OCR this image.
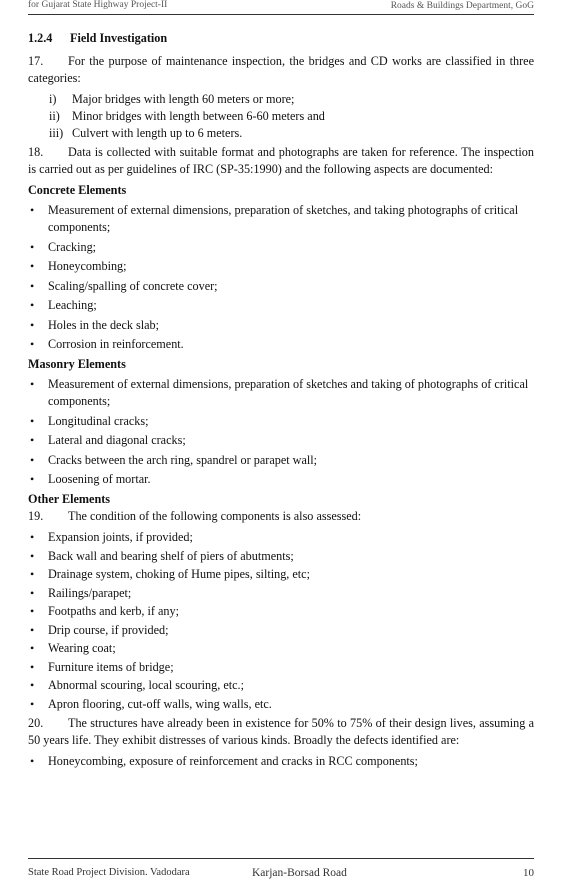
for Gujarat State Highway Project-II	Roads & Buildings Department, GoG
1.2.4 Field Investigation

17. For the purpose of maintenance inspection, the bridges and CD works are classified in three categories:

i) Major bridges with length 60 meters or more;
ii) Minor bridges with length between 6-60 meters and
iii) Culvert with length up to 6 meters.

18. Data is collected with suitable format and photographs are taken for reference. The inspection is carried out as per guidelines of IRC (SP-35:1990) and the following aspects are documented:

Concrete Elements
• Measurement of external dimensions, preparation of sketches, and taking photographs of critical components;
• Cracking;
• Honeycombing;
• Scaling/spalling of concrete cover;
• Leaching;
• Holes in the deck slab;
• Corrosion in reinforcement.
Masonry Elements
• Measurement of external dimensions, preparation of sketches and taking of photographs of critical components;
• Longitudinal cracks;
• Lateral and diagonal cracks;
• Cracks between the arch ring, spandrel or parapet wall;
• Loosening of mortar.
Other Elements

19. The condition of the following components is also assessed:

• Expansion joints, if provided;
• Back wall and bearing shelf of piers of abutments;
• Drainage system, choking of Hume pipes, silting, etc;
• Railings/parapet;
• Footpaths and kerb, if any;
• Drip course, if provided;
• Wearing coat;
• Furniture items of bridge;
• Abnormal scouring, local scouring, etc.;
• Apron flooring, cut-off walls, wing walls, etc.

20. The structures have already been in existence for 50% to 75% of their design lives, assuming a 50 years life. They exhibit distresses of various kinds. Broadly the defects identified are:

• Honeycombing, exposure of reinforcement and cracks in RCC components;
State Road Project Division. Vadodara	Karjan-Borsad Road	10
